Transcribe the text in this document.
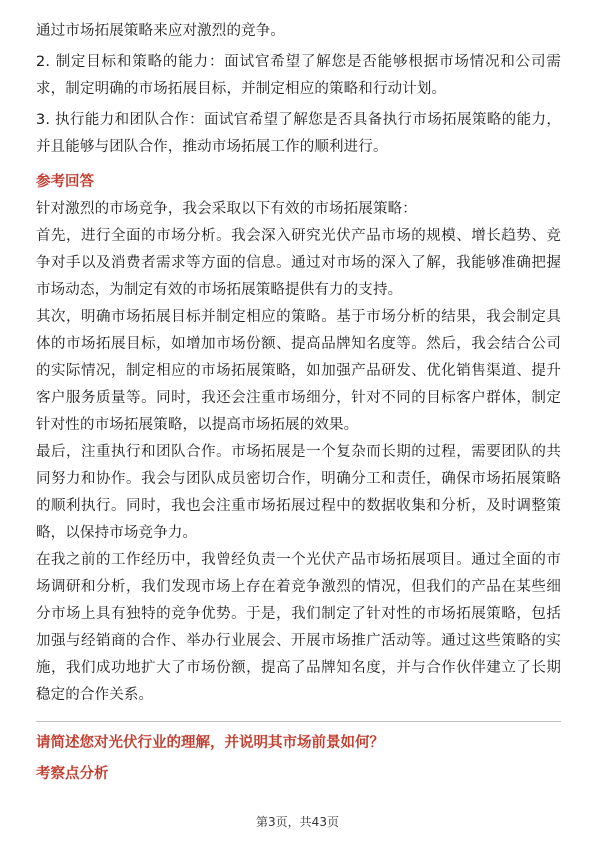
通过市场拓展策略来应对激烈的竞争。

2. 制定目标和策略的能力：面试官希望了解您是否能够根据市场情况和公司需求，制定明确的市场拓展目标，并制定相应的策略和行动计划。

3. 执行能力和团队合作：面试官希望了解您是否具备执行市场拓展策略的能力，并且能够与团队合作，推动市场拓展工作的顺利进行。

参考回答

针对激烈的市场竞争，我会采取以下有效的市场拓展策略：

首先，进行全面的市场分析。我会深入研究光伏产品市场的规模、增长趋势、竞争对手以及消费者需求等方面的信息。通过对市场的深入了解，我能够准确把握市场动态，为制定有效的市场拓展策略提供有力的支持。

其次，明确市场拓展目标并制定相应的策略。基于市场分析的结果，我会制定具体的市场拓展目标，如增加市场份额、提高品牌知名度等。然后，我会结合公司的实际情况，制定相应的市场拓展策略，如加强产品研发、优化销售渠道、提升客户服务质量等。同时，我还会注重市场细分，针对不同的目标客户群体，制定针对性的市场拓展策略，以提高市场拓展的效果。

最后，注重执行和团队合作。市场拓展是一个复杂而长期的过程，需要团队的共同努力和协作。我会与团队成员密切合作，明确分工和责任，确保市场拓展策略的顺利执行。同时，我也会注重市场拓展过程中的数据收集和分析，及时调整策略，以保持市场竞争力。

在我之前的工作经历中，我曾经负责一个光伏产品市场拓展项目。通过全面的市场调研和分析，我们发现市场上存在着竞争激烈的情况，但我们的产品在某些细分市场上具有独特的竞争优势。于是，我们制定了针对性的市场拓展策略，包括加强与经销商的合作、举办行业展会、开展市场推广活动等。通过这些策略的实施，我们成功地扩大了市场份额，提高了品牌知名度，并与合作伙伴建立了长期稳定的合作关系。

请简述您对光伏行业的理解，并说明其市场前景如何？
考察点分析
第3页，共43页
